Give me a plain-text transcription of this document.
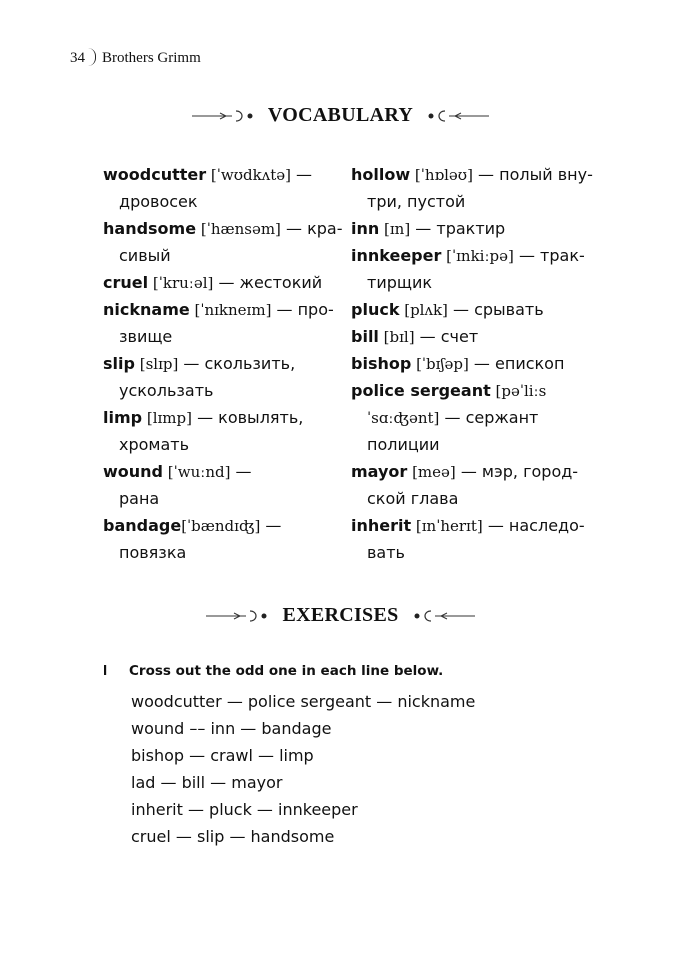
34 Brothers Grimm
VOCABULARY
woodcutter [ˈwʊdkʌtə] —
дровосек
handsome [ˈhænsəm] — кра-
сивый
cruel [ˈkruːəl] — жестокий
nickname [ˈnɪkneɪm] — про-
звище
slip [slɪp] — скользить,
ускользать
limp [lɪmp] — ковылять,
хромать
wound [ˈwuːnd] —
рана
bandage[ˈbændɪʤ] —
повязка
hollow [ˈhɒləʊ] — полый вну-
три, пустой
inn [ɪn] — трактир
innkeeper [ˈɪnkiːpə] — трак-
тирщик
pluck [plʌk] — срывать
bill [bɪl] — счет
bishop [ˈbɪʃəp] — епископ
police sergeant [pəˈliːs
ˈsɑːʤənt] — сержант
полиции
mayor [meə] — мэр, город-
ской глава
inherit [ɪnˈherɪt] — наследо-
вать
EXERCISES
I Cross out the odd one in each line below.
woodcutter — police sergeant — nickname
wound –– inn — bandage
bishop — crawl — limp
lad — bill — mayor
inherit — pluck — innkeeper
cruel — slip — handsome
